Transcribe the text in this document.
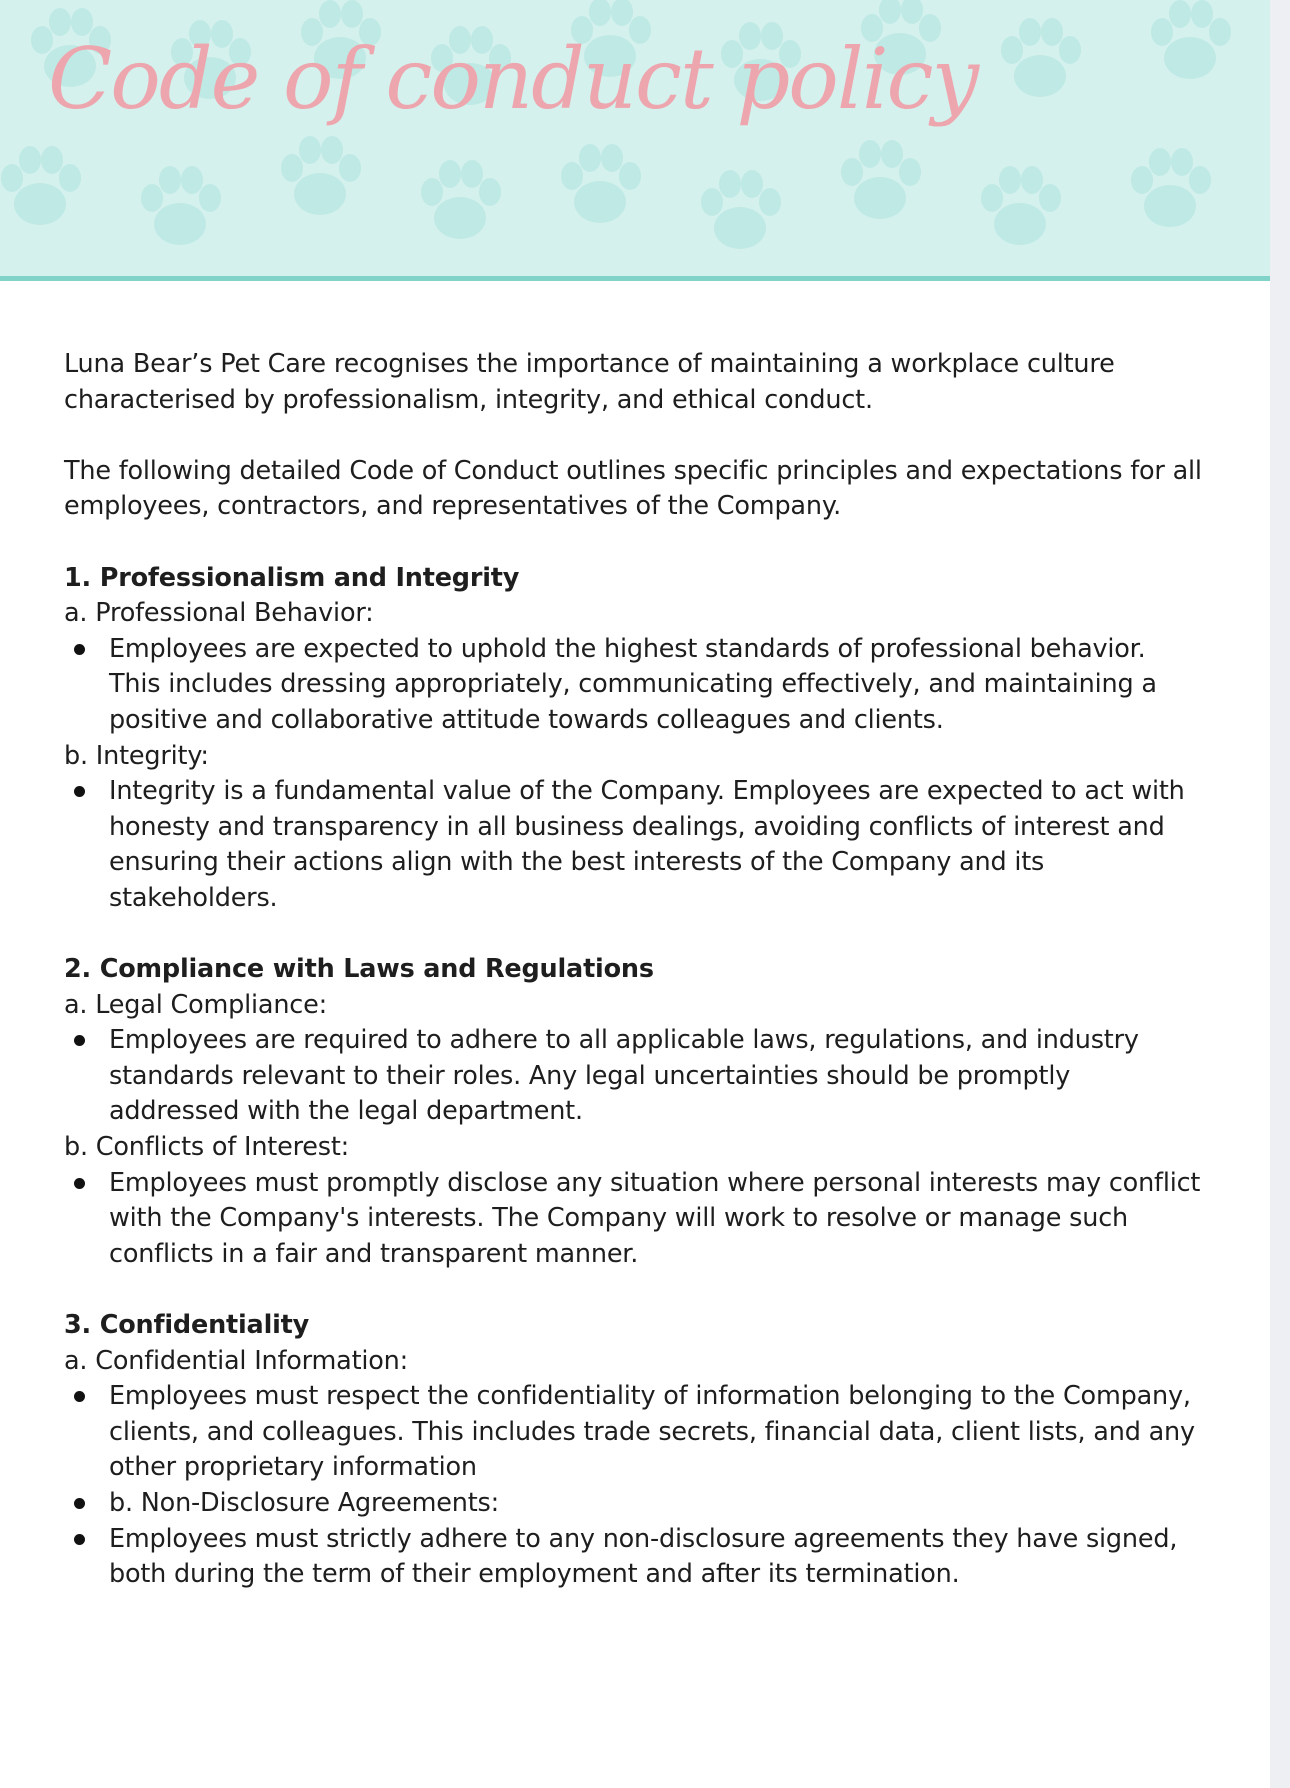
Code of conduct policy

Luna Bear’s Pet Care recognises the importance of maintaining a workplace culture characterised by professionalism, integrity, and ethical conduct.

The following detailed Code of Conduct outlines specific principles and expectations for all employees, contractors, and representatives of the Company.

1. Professionalism and Integrity

a. Professional Behavior:

Employees are expected to uphold the highest standards of professional behavior. This includes dressing appropriately, communicating effectively, and maintaining a positive and collaborative attitude towards colleagues and clients.

b. Integrity:

Integrity is a fundamental value of the Company. Employees are expected to act with honesty and transparency in all business dealings, avoiding conflicts of interest and ensuring their actions align with the best interests of the Company and its stakeholders.

2. Compliance with Laws and Regulations

a. Legal Compliance:

Employees are required to adhere to all applicable laws, regulations, and industry standards relevant to their roles. Any legal uncertainties should be promptly addressed with the legal department.

b. Conflicts of Interest:

Employees must promptly disclose any situation where personal interests may conflict with the Company's interests. The Company will work to resolve or manage such conflicts in a fair and transparent manner.

3. Confidentiality

a. Confidential Information:

Employees must respect the confidentiality of information belonging to the Company, clients, and colleagues. This includes trade secrets, financial data, client lists, and any other proprietary information
b. Non-Disclosure Agreements:
Employees must strictly adhere to any non-disclosure agreements they have signed, both during the term of their employment and after its termination.
